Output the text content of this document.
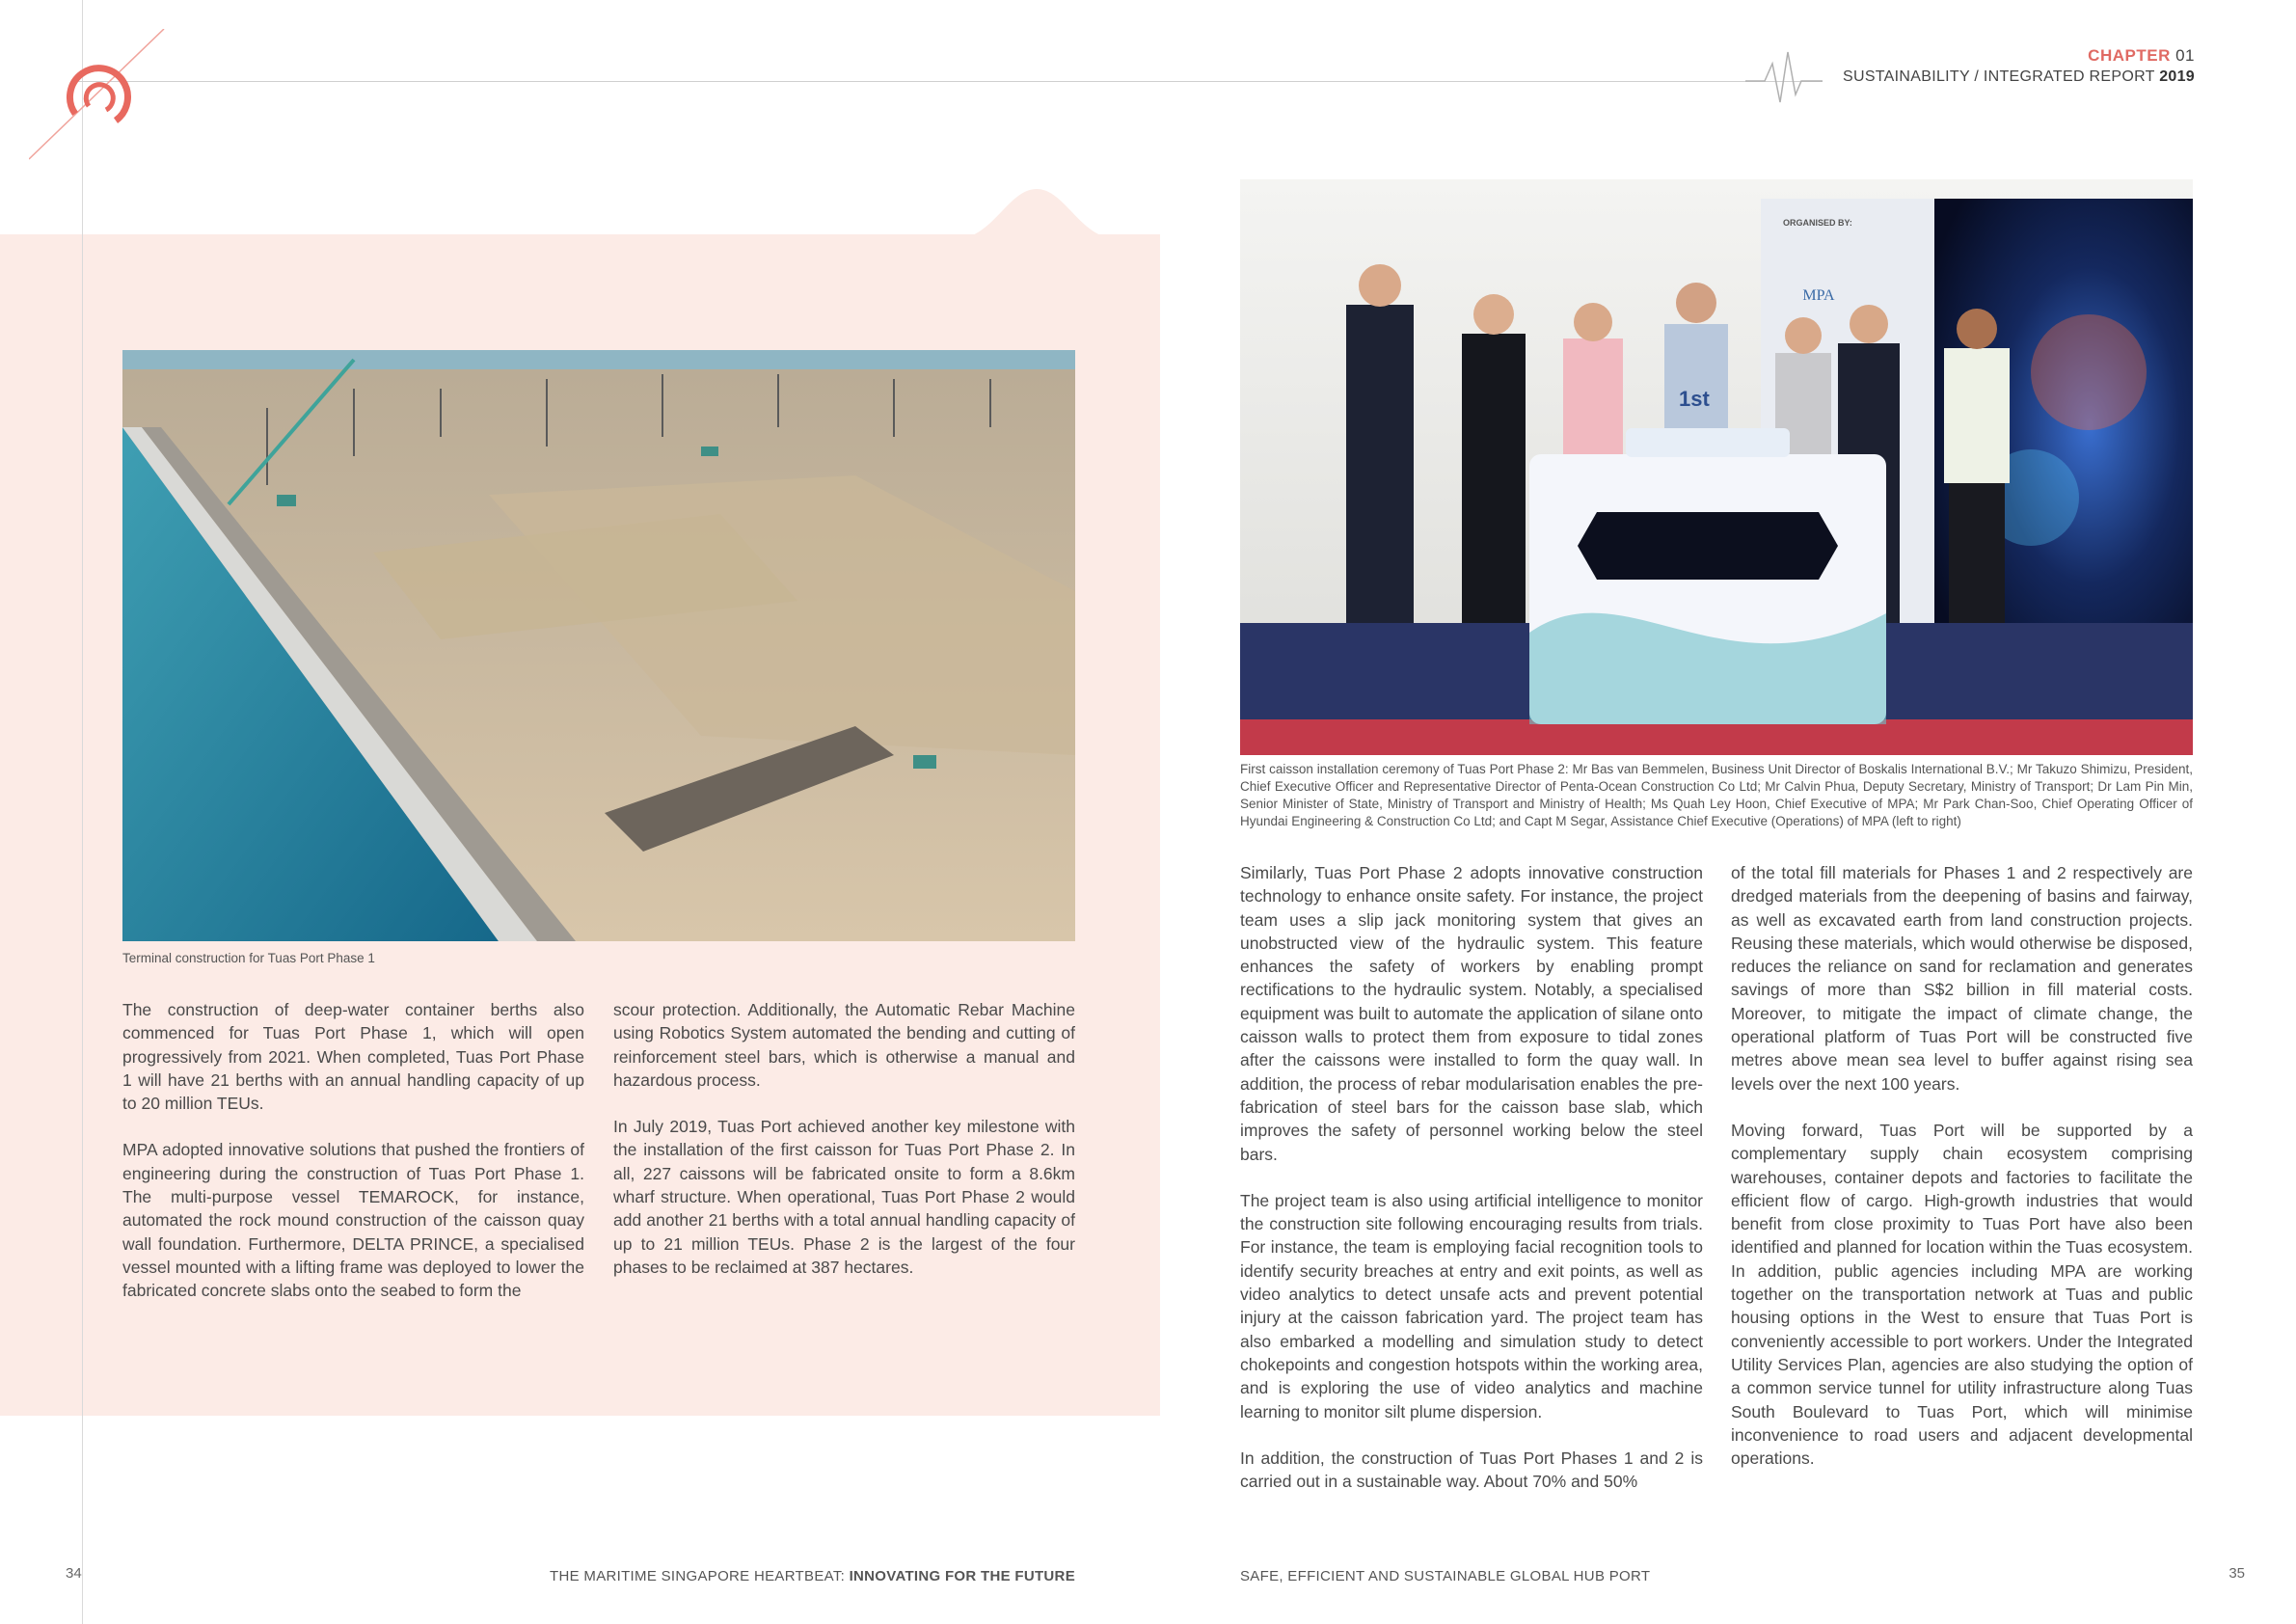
CHAPTER 01
SUSTAINABILITY / INTEGRATED REPORT 2019
Terminal construction for Tuas Port Phase 1

The construction of deep-water container berths also commenced for Tuas Port Phase 1, which will open progressively from 2021. When completed, Tuas Port Phase 1 will have 21 berths with an annual handling capacity of up to 20 million TEUs.

MPA adopted innovative solutions that pushed the frontiers of engineering during the construction of Tuas Port Phase 1. The multi-purpose vessel TEMAROCK, for instance, automated the rock mound construction of the caisson quay wall foundation. Furthermore, DELTA PRINCE, a specialised vessel mounted with a lifting frame was deployed to lower the fabricated concrete slabs onto the seabed to form the

scour protection. Additionally, the Automatic Rebar Machine using Robotics System automated the bending and cutting of reinforcement steel bars, which is otherwise a manual and hazardous process.

In July 2019, Tuas Port achieved another key milestone with the installation of the first caisson for Tuas Port Phase 2. In all, 227 caissons will be fabricated onsite to form a 8.6km wharf structure. When operational, Tuas Port Phase 2 would add another 21 berths with a total annual handling capacity of up to 21 million TEUs. Phase 2 is the largest of the four phases to be reclaimed at 387 hectares.

ORGANISED BY:
MPA
1st
First caisson installation ceremony of Tuas Port Phase 2: Mr Bas van Bemmelen, Business Unit Director of Boskalis International B.V.; Mr Takuzo Shimizu, President, Chief Executive Officer and Representative Director of Penta-Ocean Construction Co Ltd; Mr Calvin Phua, Deputy Secretary, Ministry of Transport; Dr Lam Pin Min, Senior Minister of State, Ministry of Transport and Ministry of Health; Ms Quah Ley Hoon, Chief Executive of MPA; Mr Park Chan-Soo, Chief Operating Officer of Hyundai Engineering & Construction Co Ltd; and Capt M Segar, Assistance Chief Executive (Operations) of MPA (left to right)

Similarly, Tuas Port Phase 2 adopts innovative construction technology to enhance onsite safety. For instance, the project team uses a slip jack monitoring system that gives an unobstructed view of the hydraulic system. This feature enhances the safety of workers by enabling prompt rectifications to the hydraulic system. Notably, a specialised equipment was built to automate the application of silane onto caisson walls to protect them from exposure to tidal zones after the caissons were installed to form the quay wall. In addition, the process of rebar modularisation enables the pre-fabrication of steel bars for the caisson base slab, which improves the safety of personnel working below the steel bars.

The project team is also using artificial intelligence to monitor the construction site following encouraging results from trials. For instance, the team is employing facial recognition tools to identify security breaches at entry and exit points, as well as video analytics to detect unsafe acts and prevent potential injury at the caisson fabrication yard. The project team has also embarked a modelling and simulation study to detect chokepoints and congestion hotspots within the working area, and is exploring the use of video analytics and machine learning to monitor silt plume dispersion.

In addition, the construction of Tuas Port Phases 1 and 2 is carried out in a sustainable way. About 70% and 50%

of the total fill materials for Phases 1 and 2 respectively are dredged materials from the deepening of basins and fairway, as well as excavated earth from land construction projects. Reusing these materials, which would otherwise be disposed, reduces the reliance on sand for reclamation and generates savings of more than S$2 billion in fill material costs. Moreover, to mitigate the impact of climate change, the operational platform of Tuas Port will be constructed five metres above mean sea level to buffer against rising sea levels over the next 100 years.

Moving forward, Tuas Port will be supported by a complementary supply chain ecosystem comprising warehouses, container depots and factories to facilitate the efficient flow of cargo. High-growth industries that would benefit from close proximity to Tuas Port have also been identified and planned for location within the Tuas ecosystem. In addition, public agencies including MPA are working together on the transportation network at Tuas and public housing options in the West to ensure that Tuas Port is conveniently accessible to port workers. Under the Integrated Utility Services Plan, agencies are also studying the option of a common service tunnel for utility infrastructure along Tuas South Boulevard to Tuas Port, which will minimise inconvenience to road users and adjacent developmental operations.

34	THE MARITIME SINGAPORE HEARTBEAT: INNOVATING FOR THE FUTURE	SAFE, EFFICIENT AND SUSTAINABLE GLOBAL HUB PORT	35
